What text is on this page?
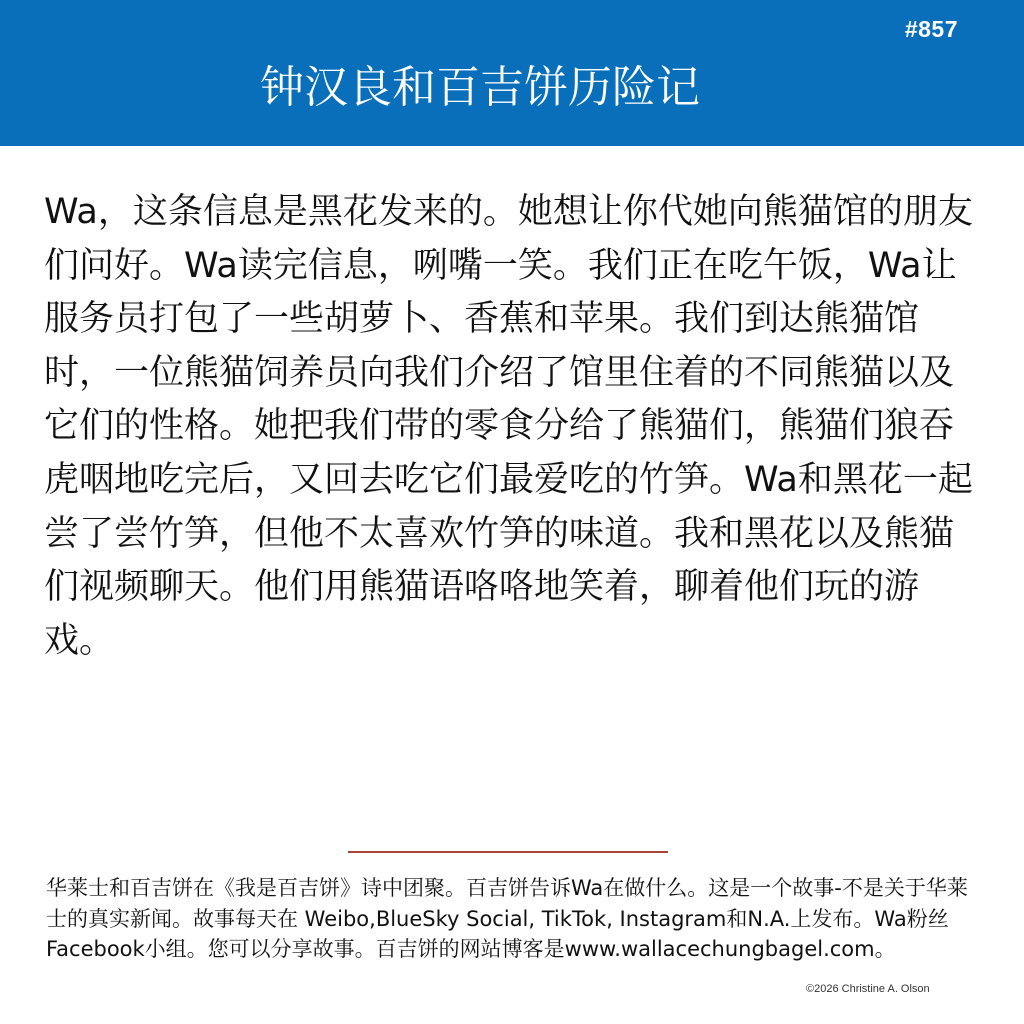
#857
钟汉良和百吉饼历险记

Wa，这条信息是黑花发来的。她想让你代她向熊猫馆的朋友们问好。Wa读完信息，咧嘴一笑。我们正在吃午饭，Wa让服务员打包了一些胡萝卜、香蕉和苹果。我们到达熊猫馆时，一位熊猫饲养员向我们介绍了馆里住着的不同熊猫以及它们的性格。她把我们带的零食分给了熊猫们，熊猫们狼吞虎咽地吃完后，又回去吃它们最爱吃的竹笋。Wa和黑花一起尝了尝竹笋，但他不太喜欢竹笋的味道。我和黑花以及熊猫们视频聊天。他们用熊猫语咯咯地笑着，聊着他们玩的游戏。

华莱士和百吉饼在《我是百吉饼》诗中团聚。百吉饼告诉Wa在做什么。这是一个故事-不是关于华莱士的真实新闻。故事每天在 Weibo,BlueSky Social, TikTok, Instagram和N.A.上发布。Wa粉丝Facebook小组。您可以分享故事。百吉饼的网站博客是www.wallacechungbagel.com。

©2026 Christine A. Olson
